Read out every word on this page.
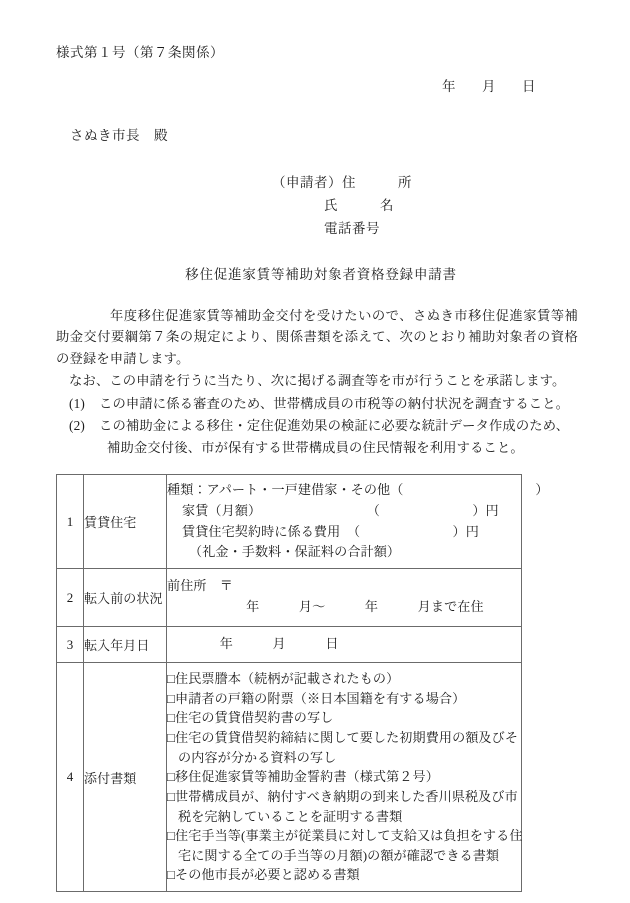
様式第１号（第７条関係）
年 月 日
さぬき市長 殿
（申請者）住　　　所
氏　　　名
電話番号
移住促進家賃等補助対象者資格登録申請書

年度移住促進家賃等補助金交付を受けたいので、さぬき市移住促進家賃等補助金交付要綱第７条の規定により、関係書類を添えて、次のとおり補助対象者の資格の登録を申請します。

なお、この申請を行うに当たり、次に掲げる調査等を市が行うことを承諾します。

(1)	この申請に係る審査のため、世帯構成員の市税等の納付状況を調査すること。
(2)	この補助金による移住・定住促進効果の検証に必要な統計データ作成のため、
補助金交付後、市が保有する世帯構成員の住民情報を利用すること。
1	賃貸住宅	種類：アパート・一戸建借家・その他（　　　　　　　　　　）
家賃（月額）　　　　　　　　　（　　　　　　　）円 賃貸住宅契約時に係る費用　（　　　　　　　）円 （礼金・手数料・保証料の合計額）
2	転入前の状況	前住所　〒
　　　　　　年　　　月〜　　　年　　　月まで在住

3	転入年月日	　　　　年　　　月　　　日

4	添付書類	
□住民票謄本（続柄が記載されたもの）
□申請者の戸籍の附票（※日本国籍を有する場合）
□住宅の賃貸借契約書の写し
□住宅の賃貸借契約締結に関して要した初期費用の額及びそ の内容が分かる資料の写し
□移住促進家賃等補助金誓約書（様式第２号）
□世帯構成員が、納付すべき納期の到来した香川県税及び市 税を完納していることを証明する書類
□住宅手当等(事業主が従業員に対して支給又は負担をする住 宅に関する全ての手当等の月額)の額が確認できる書類
□その他市長が必要と認める書類
